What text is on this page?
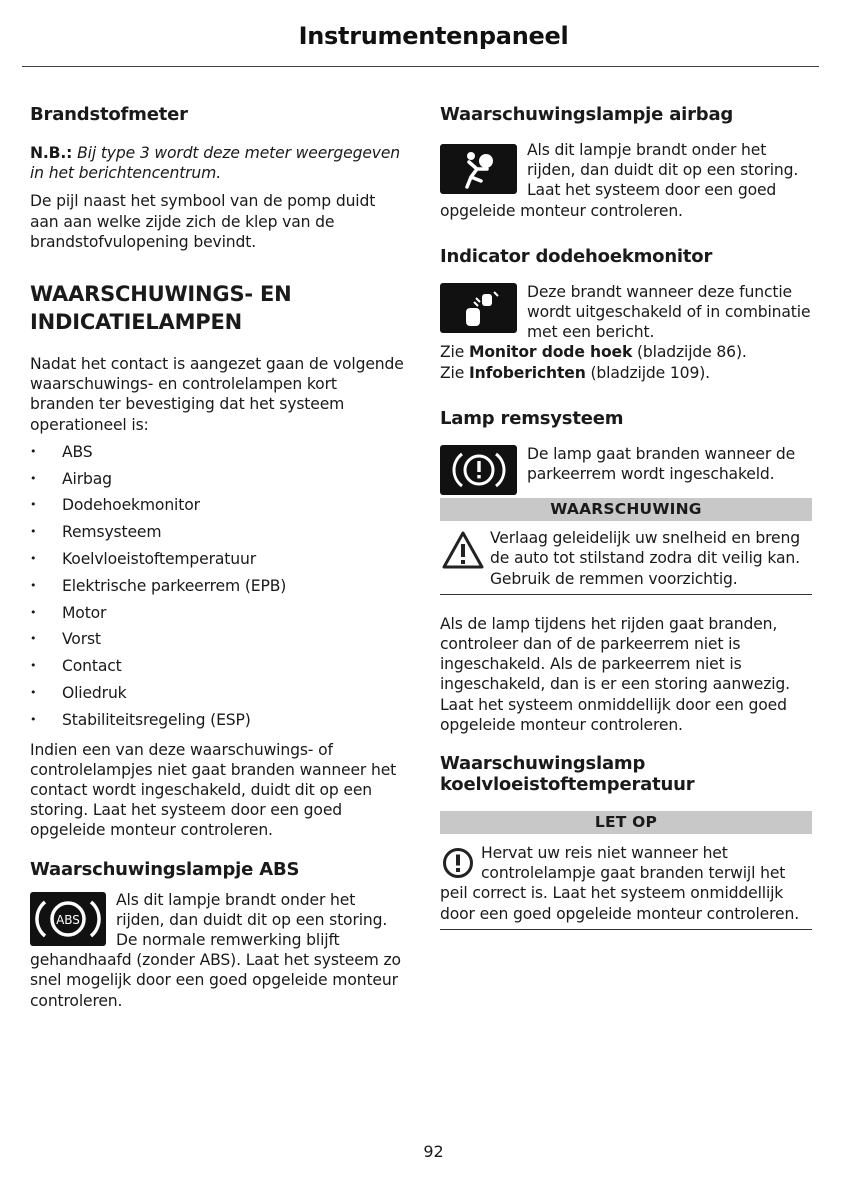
Instrumentenpaneel
Brandstofmeter

N.B.: Bij type 3 wordt deze meter weergegeven in het berichtencentrum.

De pijl naast het symbool van de pomp duidt aan aan welke zijde zich de klep van de brandstofvulopening bevindt.

WAARSCHUWINGS- EN
INDICATIELAMPEN

Nadat het contact is aangezet gaan de volgende waarschuwings- en controlelampen kort branden ter bevestiging dat het systeem operationeel is:

• ABS
• Airbag
• Dodehoekmonitor
• Remsysteem
• Koelvloeistoftemperatuur
• Elektrische parkeerrem (EPB)
• Motor
• Vorst
• Contact
• Oliedruk
• Stabiliteitsregeling (ESP)

Indien een van deze waarschuwings- of controlelampjes niet gaat branden wanneer het contact wordt ingeschakeld, duidt dit op een storing. Laat het systeem door een goed opgeleide monteur controleren.

Waarschuwingslampje ABS
ABS

Als dit lampje brandt onder het rijden, dan duidt dit op een storing. De normale remwerking blijft gehandhaafd (zonder ABS). Laat het systeem zo snel mogelijk door een goed opgeleide monteur controleren.

Waarschuwingslampje airbag

Als dit lampje brandt onder het rijden, dan duidt dit op een storing. Laat het systeem door een goed opgeleide monteur controleren.

Indicator dodehoekmonitor

Deze brandt wanneer deze functie wordt uitgeschakeld of in combinatie met een bericht.

Zie Monitor dode hoek (bladzijde 86).

Zie Infoberichten (bladzijde 109).

Lamp remsysteem

De lamp gaat branden wanneer de parkeerrem wordt ingeschakeld.

WAARSCHUWING

Verlaag geleidelijk uw snelheid en breng de auto tot stilstand zodra dit veilig kan. Gebruik de remmen voorzichtig.

Als de lamp tijdens het rijden gaat branden, controleer dan of de parkeerrem niet is ingeschakeld. Als de parkeerrem niet is ingeschakeld, dan is er een storing aanwezig. Laat het systeem onmiddellijk door een goed opgeleide monteur controleren.

Waarschuwingslamp
koelvloeistoftemperatuur
LET OP

Hervat uw reis niet wanneer het controlelampje gaat branden terwijl het peil correct is. Laat het systeem onmiddellijk door een goed opgeleide monteur controleren.

92
